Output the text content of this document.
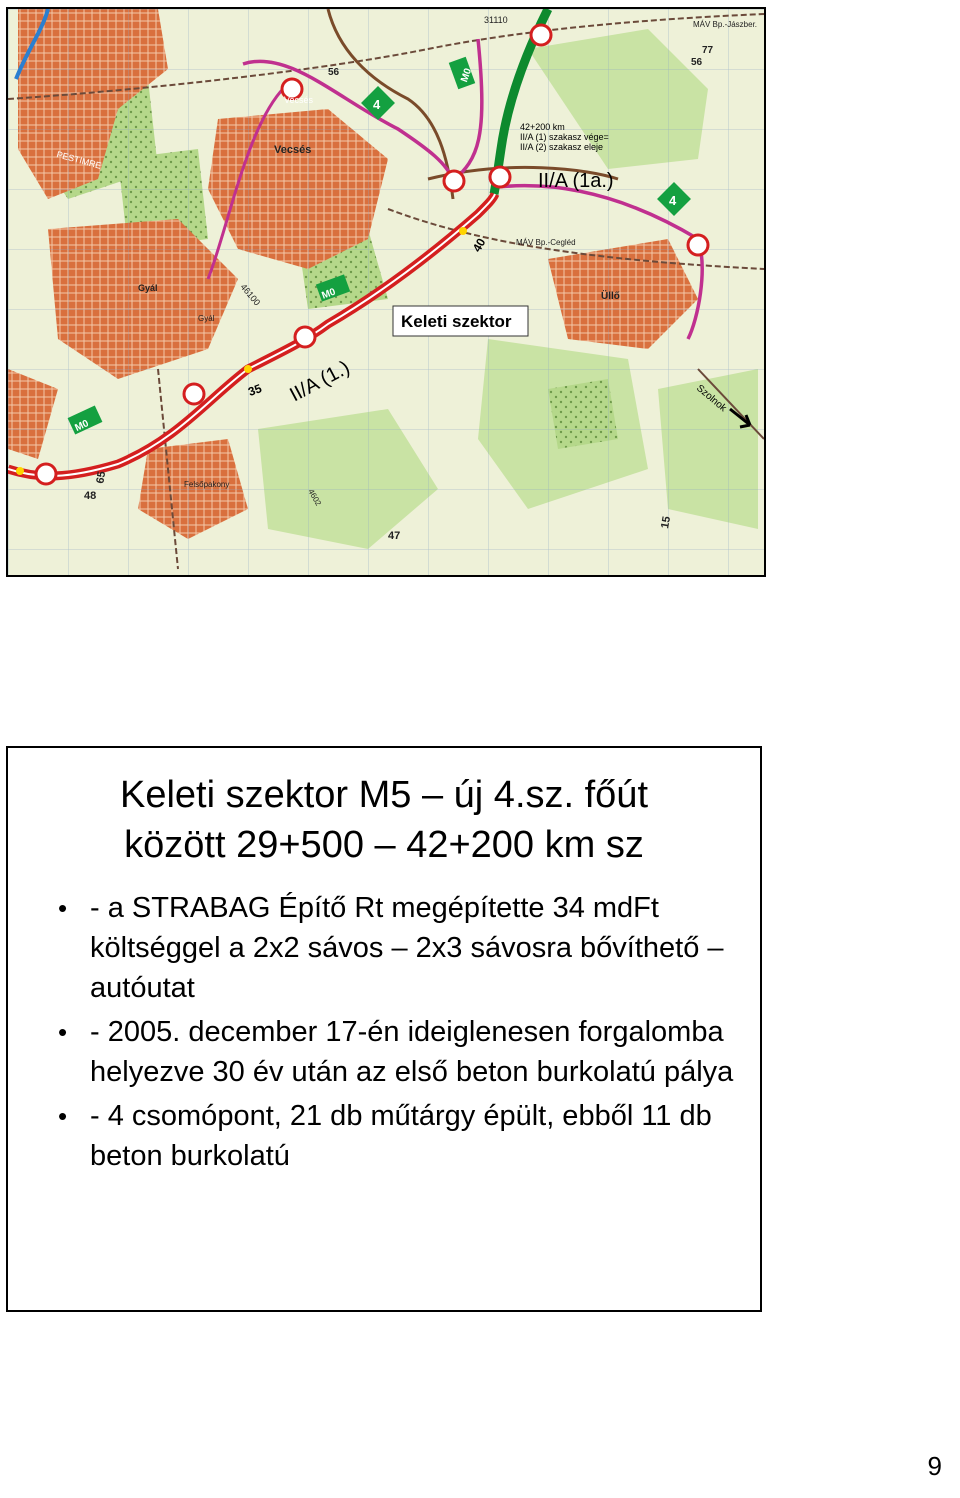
31110	MÁV Bp.-Jászber.
M0
4
56
56
77
Vecsés
Vecsés
PESTIMRE
42+200 km
II/A (1) szakasz vége=
II/A (2) szakasz eleje
II/A (1a.)
4
40	MÁV Bp.-Cegléd
Gyál
Gyál
M0
46100
Keleti szektor
Üllő
35 II/A (1.)
M0
Szolnok
Felsőpakony
65
48
47
15
4602
Keleti szektor M5 – új 4.sz. főút
között 29+500 – 42+200 km sz
• - a STRABAG Építő Rt megépítette 34 mdFt költséggel a 2x2 sávos – 2x3 sávosra bővíthető – autóutat
• - 2005. december 17-én ideiglenesen forgalomba helyezve 30 év után az első beton burkolatú pálya
• - 4 csomópont, 21 db műtárgy épült, ebből 11 db beton burkolatú
9
